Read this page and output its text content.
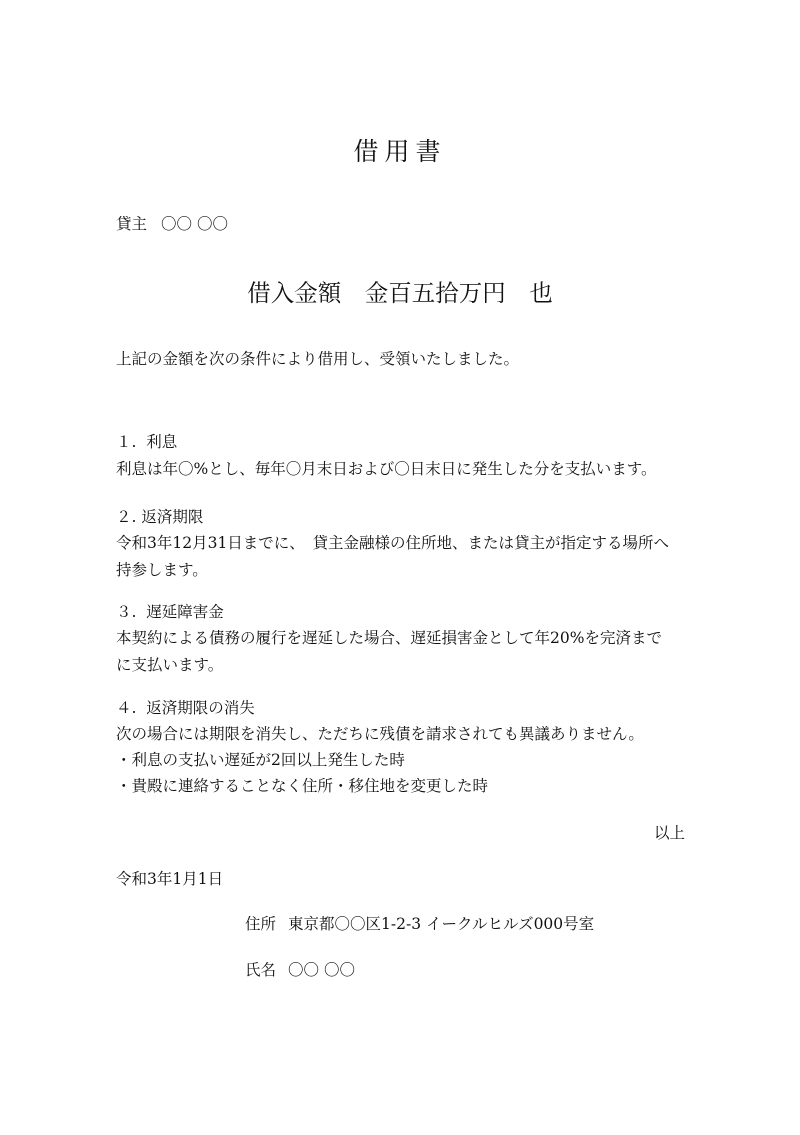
借用書
貸主 〇〇 〇〇
借入金額　金百五拾万円　也
上記の金額を次の条件により借用し、受領いたしました。
１.  利息
利息は年〇%とし、毎年〇月末日および〇日末日に発生した分を支払います。
２. 返済期限
令和3年12月31日までに、　貸主金融様の住所地、または貸主が指定する場所へ
持参します。
３.  遅延障害金
本契約による債務の履行を遅延した場合、遅延損害金として年20%を完済まで
に支払います。
４.  返済期限の消失
次の場合には期限を消失し、ただちに残債を請求されても異議ありません。
・利息の支払い遅延が2回以上発生した時
・貴殿に連絡することなく住所・移住地を変更した時
以上
令和3年1月1日
住所 東京都〇〇区1-2-3 イークルヒルズ000号室
氏名 〇〇 〇〇
